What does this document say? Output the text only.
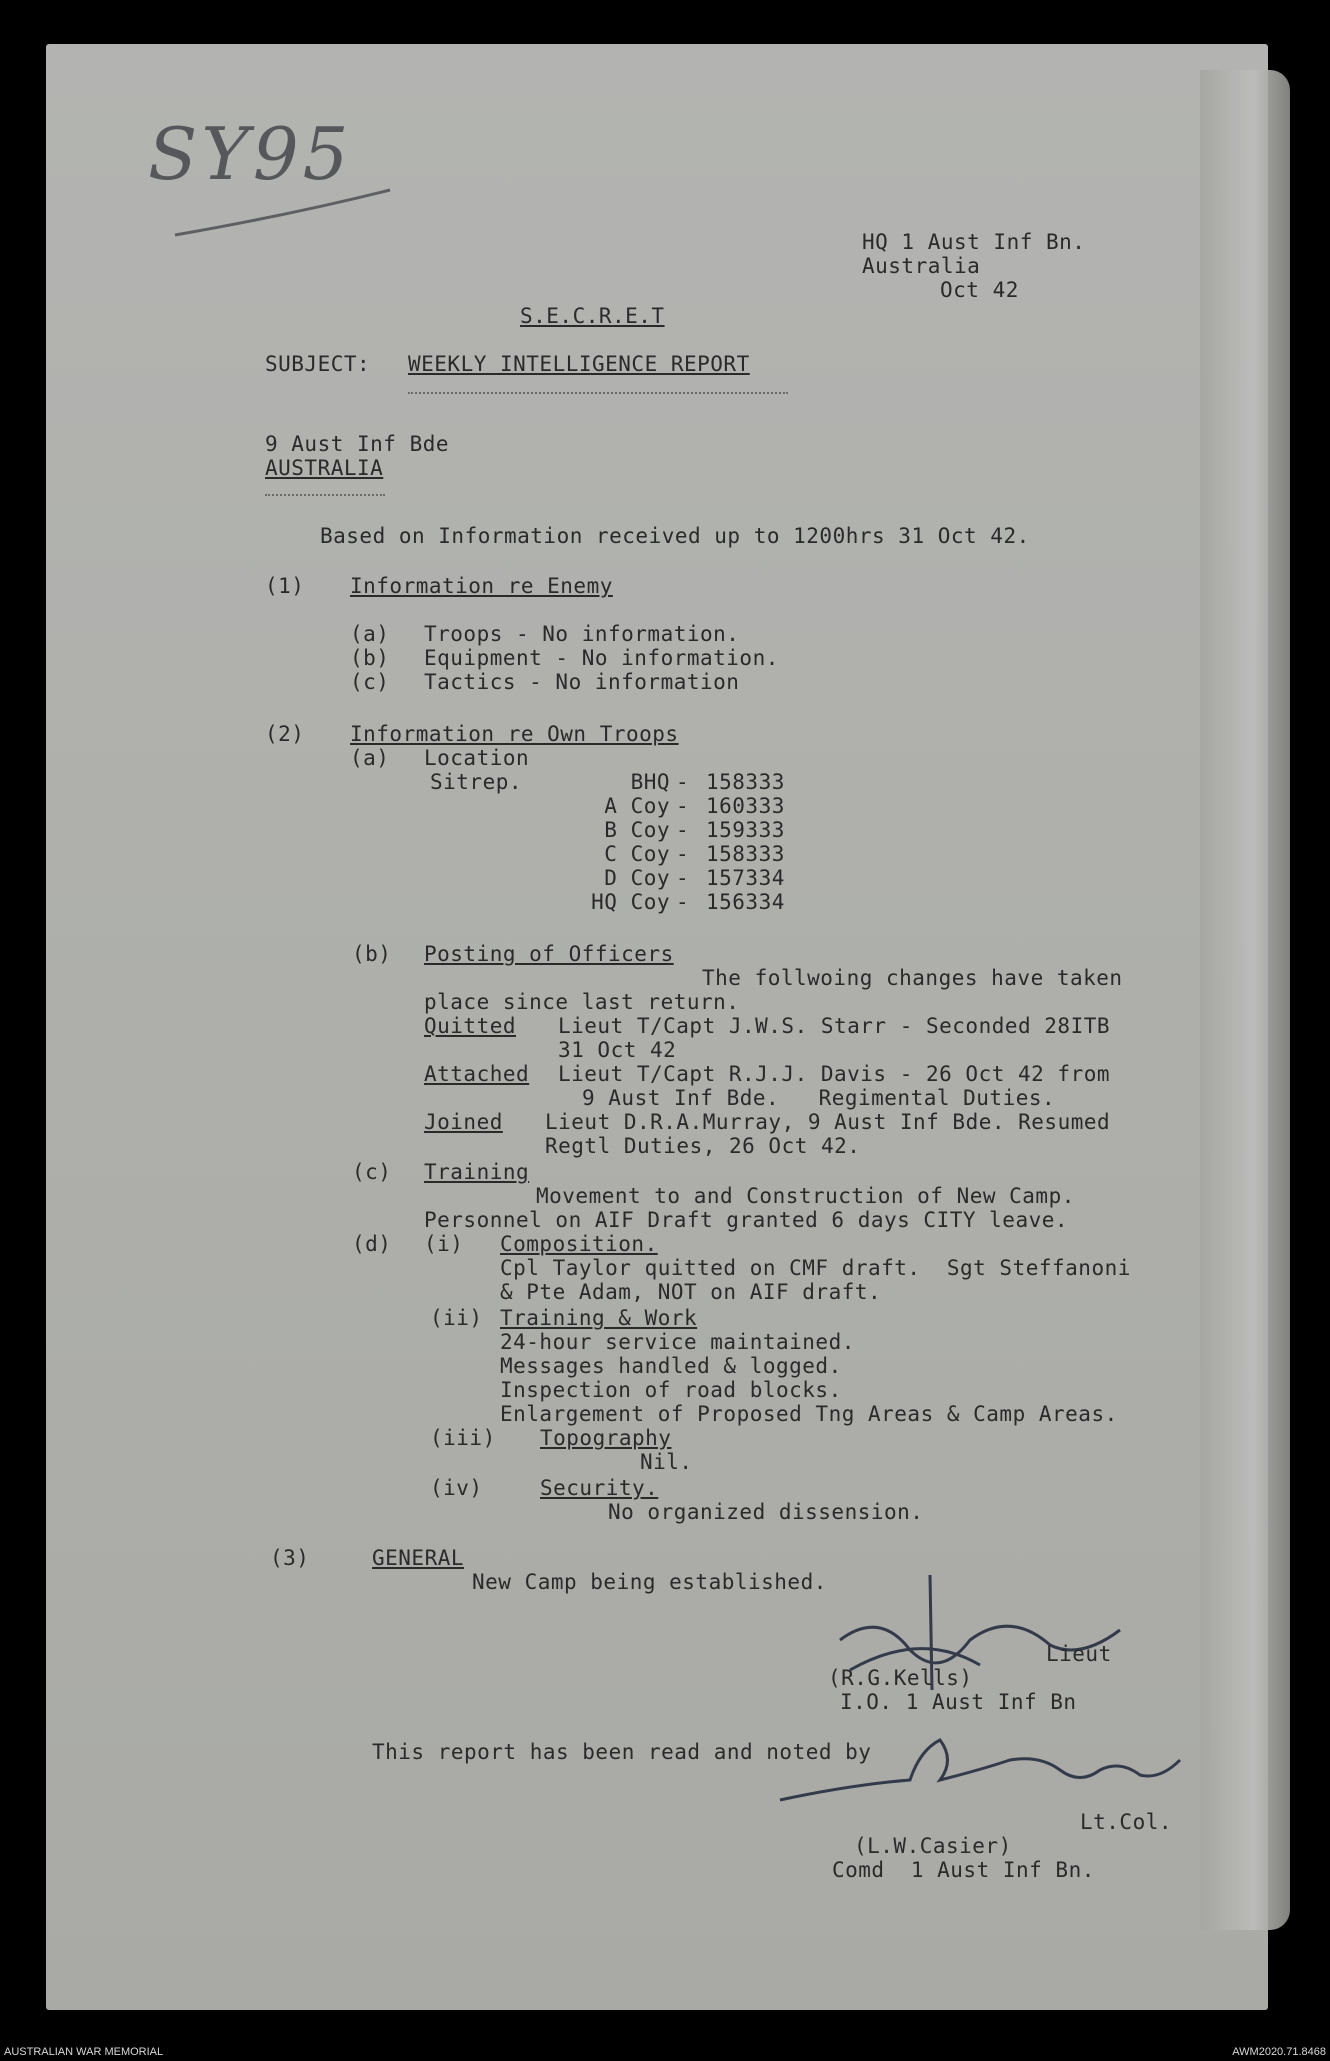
SY95
HQ 1 Aust Inf Bn.
Australia
Oct 42
S.E.C.R.E.T
SUBJECT: WEEKLY INTELLIGENCE REPORT
9 Aust Inf Bde
AUSTRALIA
Based on Information received up to 1200hrs 31 Oct 42.
(1) Information re Enemy
(a) Troops - No information.
(b) Equipment - No information.
(c) Tactics - No information
(2) Information re Own Troops
(a) Location
Sitrep.	BHQ - 158333
A Coy - 160333
B Coy - 159333
C Coy - 158333
D Coy - 157334
HQ Coy - 156334
(b) Posting of Officers
The follwoing changes have taken
place since last return.
Quitted Lieut T/Capt J.W.S. Starr - Seconded 28ITB
31 Oct 42
Attached Lieut T/Capt R.J.J. Davis - 26 Oct 42 from
9 Aust Inf Bde.   Regimental Duties.
Joined Lieut D.R.A.Murray, 9 Aust Inf Bde. Resumed
Regtl Duties, 26 Oct 42.
(c) Training
Movement to and Construction of New Camp.
Personnel on AIF Draft granted 6 days CITY leave.
(d) (i) Composition.
Cpl Taylor quitted on CMF draft.  Sgt Steffanoni
& Pte Adam, NOT on AIF draft.
(ii) Training & Work
24-hour service maintained.
Messages handled & logged.
Inspection of road blocks.
Enlargement of Proposed Tng Areas & Camp Areas.
(iii) Topography
Nil.
(iv)	Security.
No organized dissension.
(3)	GENERAL
New Camp being established.
Lieut
(R.G.Kells)
I.O. 1 Aust Inf Bn
This report has been read and noted by
Lt.Col.
(L.W.Casier)
Comd  1 Aust Inf Bn.
AUSTRALIAN WAR MEMORIAL	AWM2020.71.8468
